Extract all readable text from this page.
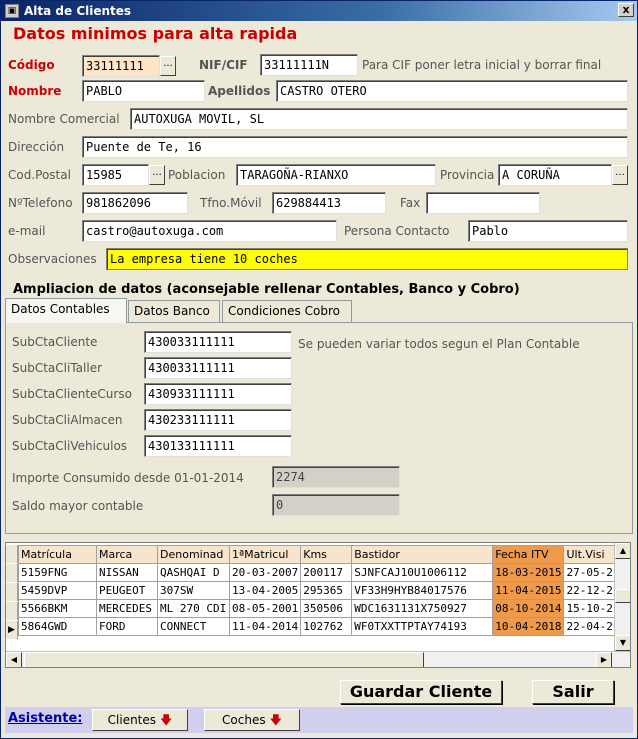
▣ Alta de Clientes	x
Datos minimos para alta rapida
Código	33111111	... NIF/CIF	33111111N	Para CIF poner letra inicial y borrar final
Nombre	PABLO	Apellidos CASTRO OTERO
Nombre Comercial	AUTOXUGA MOVIL, SL
Dirección	Puente de Te, 16
Cod.Postal	15985	... Poblacion	TARAGOÑA-RIANXO	Provincia A CORUÑA	...
NºTelefono	981862096	Tfno.Móvil	629884413	Fax
e-mail	castro@autoxuga.com	Persona Contacto	Pablo
Observaciones	La empresa tiene 10 coches
Ampliacion de datos (aconsejable rellenar Contables, Banco y Cobro)
Datos Contables	Datos Banco	Condiciones Cobro
SubCtaCliente	430033111111	Se pueden variar todos segun el Plan Contable
SubCtaCliTaller	430033111111
SubCtaClienteCurso	430933111111
SubCtaCliAlmacen	430233111111
SubCtaCliVehiculos	430133111111
Importe Consumido desde 01-01-2014	2274
Saldo mayor contable	0
▶
Matrícula	Marca	Denominad	1ªMatricul	Kms	Bastidor	Fecha ITV	Ult.Visi
5159FNG	NISSAN	QASHQAI D	20-03-2007	200117	SJNFCAJ10U1006112	18-03-2015	27-05-2
5459DVP	PEUGEOT	307SW	13-04-2005	295365	VF33H9HYB84017576	11-04-2015	22-12-2
5566BKM	MERCEDES	ML 270 CDI	08-05-2001	350506	WDC1631131X750927	08-10-2014	15-10-2
5864GWD	FORD	CONNECT	11-04-2014	102762	WF0TXXTTPTAY74193	10-04-2018	22-04-2
▲
▼
◀	▶
Guardar Cliente	Salir
Asistente:	Clientes 🡇	Coches 🡇
